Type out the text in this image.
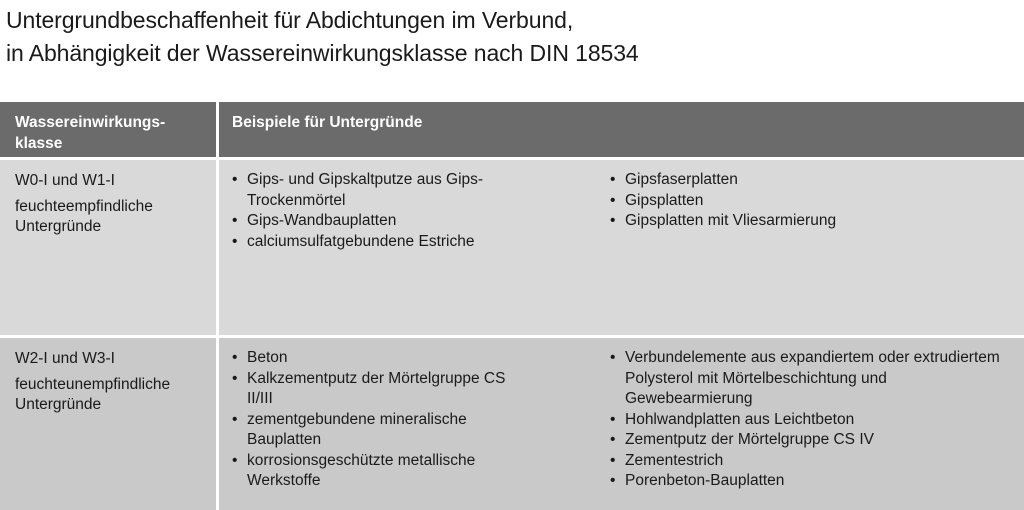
Untergrundbeschaffenheit für Abdichtungen im Verbund,
in Abhängigkeit der Wassereinwirkungsklasse nach DIN 18534
Wassereinwirkungs-
klasse
Beispiele für Untergründe
W0-I und W1-I
feuchteempfindliche Untergründe
• Gips- und Gipskaltputze aus Gips-Trockenmörtel
• Gips-Wandbauplatten
• calciumsulfatgebundene Estriche
• Gipsfaserplatten
• Gipsplatten
• Gipsplatten mit Vliesarmierung
W2-I und W3-I
feuchteunempfindliche Untergründe
• Beton
• Kalkzementputz der Mörtelgruppe CS II/III
• zementgebundene mineralische Bauplatten
• korrosionsgeschützte metallische Werkstoffe
• Verbundelemente aus expandiertem oder extrudiertem Polysterol mit Mörtelbeschichtung und Gewebearmierung
• Hohlwandplatten aus Leichtbeton
• Zementputz der Mörtelgruppe CS IV
• Zementestrich
• Porenbeton-Bauplatten
